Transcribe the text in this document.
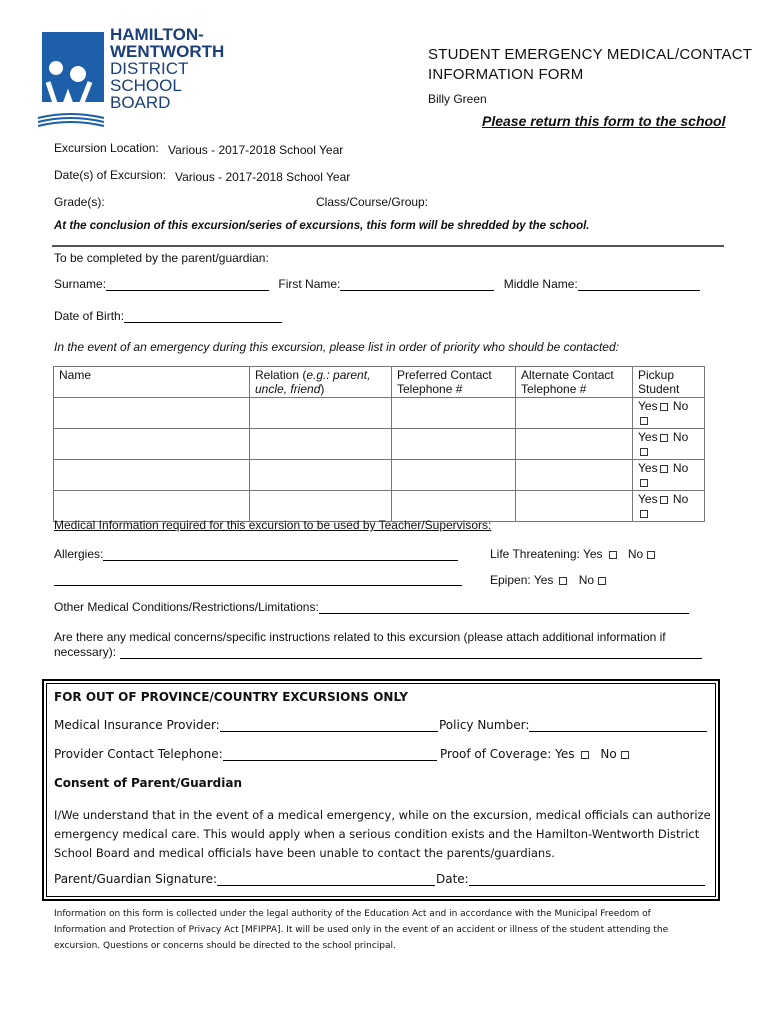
HAMILTON-
WENTWORTH
DISTRICT
SCHOOL
BOARD
STUDENT EMERGENCY MEDICAL/CONTACT
INFORMATION FORM
Billy Green
Please return this form to the school
Excursion Location: Various - 2017-2018 School Year
Date(s) of Excursion: Various - 2017-2018 School Year
Grade(s):	Class/Course/Group:
At the conclusion of this excursion/series of excursions, this form will be shredded by the school.
To be completed by the parent/guardian:
Surname:	First Name:	Middle Name:
Date of Birth:
In the event of an emergency during this excursion, please list in order of priority who should be contacted:
Name	Relation (e.g.: parent, uncle, friend)	Preferred Contact Telephone #	Alternate Contact Telephone #	Pickup Student
				Yes No
				Yes No
				Yes No
				Yes No
Medical Information required for this excursion to be used by Teacher/Supervisors:
Allergies:	Life Threatening: Yes No
Epipen: Yes No
Other Medical Conditions/Restrictions/Limitations:
Are there any medical concerns/specific instructions related to this excursion (please attach additional information if
necessary):
FOR OUT OF PROVINCE/COUNTRY EXCURSIONS ONLY
Medical Insurance Provider:	Policy Number:
Provider Contact Telephone:	Proof of Coverage: Yes No
Consent of Parent/Guardian
I/We understand that in the event of a medical emergency, while on the excursion, medical officials can authorize
emergency medical care. This would apply when a serious condition exists and the Hamilton-Wentworth District
School Board and medical officials have been unable to contact the parents/guardians.
Parent/Guardian Signature:	Date:
Information on this form is collected under the legal authority of the Education Act and in accordance with the Municipal Freedom of
Information and Protection of Privacy Act [MFIPPA]. It will be used only in the event of an accident or illness of the student attending the
excursion. Questions or concerns should be directed to the school principal.
